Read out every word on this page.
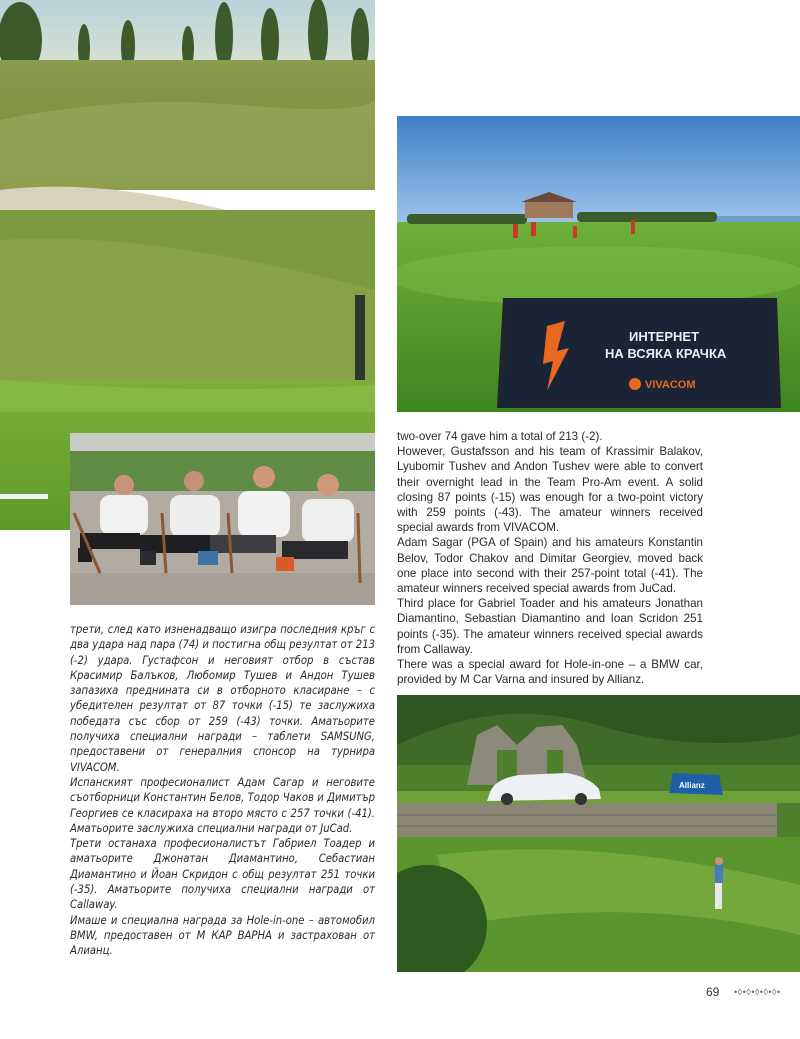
ИНТЕРНЕТ
НА ВСЯКА КРАЧКА
VIVACOM

two-over 74 gave him a total of 213 (-2).

However, Gustafsson and his team of Krassimir Balakov, Lyubomir Tushev and Andon Tushev were able to convert their overnight lead in the Team Pro-Am event. A solid closing 87 points (-15) was enough for a two-point victory with 259 points (-43). The amateur winners received special awards from VIVACOM.

Adam Sagar (PGA of Spain) and his amateurs Konstantin Belov, Todor Chakov and Dimitar Georgiev, moved back one place into second with their 257-point total (-41). The amateur winners received special awards from JuCad.

Third place for Gabriel Toader and his amateurs Jonathan Diamantino, Sebastian Diamantino and Ioan Scridon 251 points (-35). The amateur winners received special awards from Callaway.

There was a special award for Hole-in-one – a BMW car, provided by M Car Varna and insured by Allianz.

трети, след като изненадващо изигра последния кръг с два удара над пара (74) и постигна общ резултат от 213 (-2) удара. Густафсон и неговият отбор в състав Красимир Балъков, Любомир Тушев и Андон Тушев запазиха преднината си в отборното класиране – с убедителен резултат от 87 точки (-15) те заслужиха победата със сбор от 259 (-43) точки. Аматьорите получиха специални награди – таблети SAMSUNG, предоставени от генералния спонсор на турнира VIVACOM.

Испанският професионалист Адам Сагар и неговите съотборници Константин Белов, Тодор Чаков и Димитър Георгиев се класираха на второ място с 257 точки (-41). Аматьорите заслужиха специални награди от JuCad.

Трети останаха професионалистът Габриел Тоадер и аматьорите Джонатан Диамантино, Себастиан Диамантино и Йоан Скридон с общ резултат 251 точки (-35). Аматьорите получиха специални награди от Callaway.

Имаше и специална награда за Hole-in-one – автомобил BMW, предоставен от М КАР ВАРНА и застрахован от Алианц.

Allianz
69 •◊•◊•◊•◊•◊•
